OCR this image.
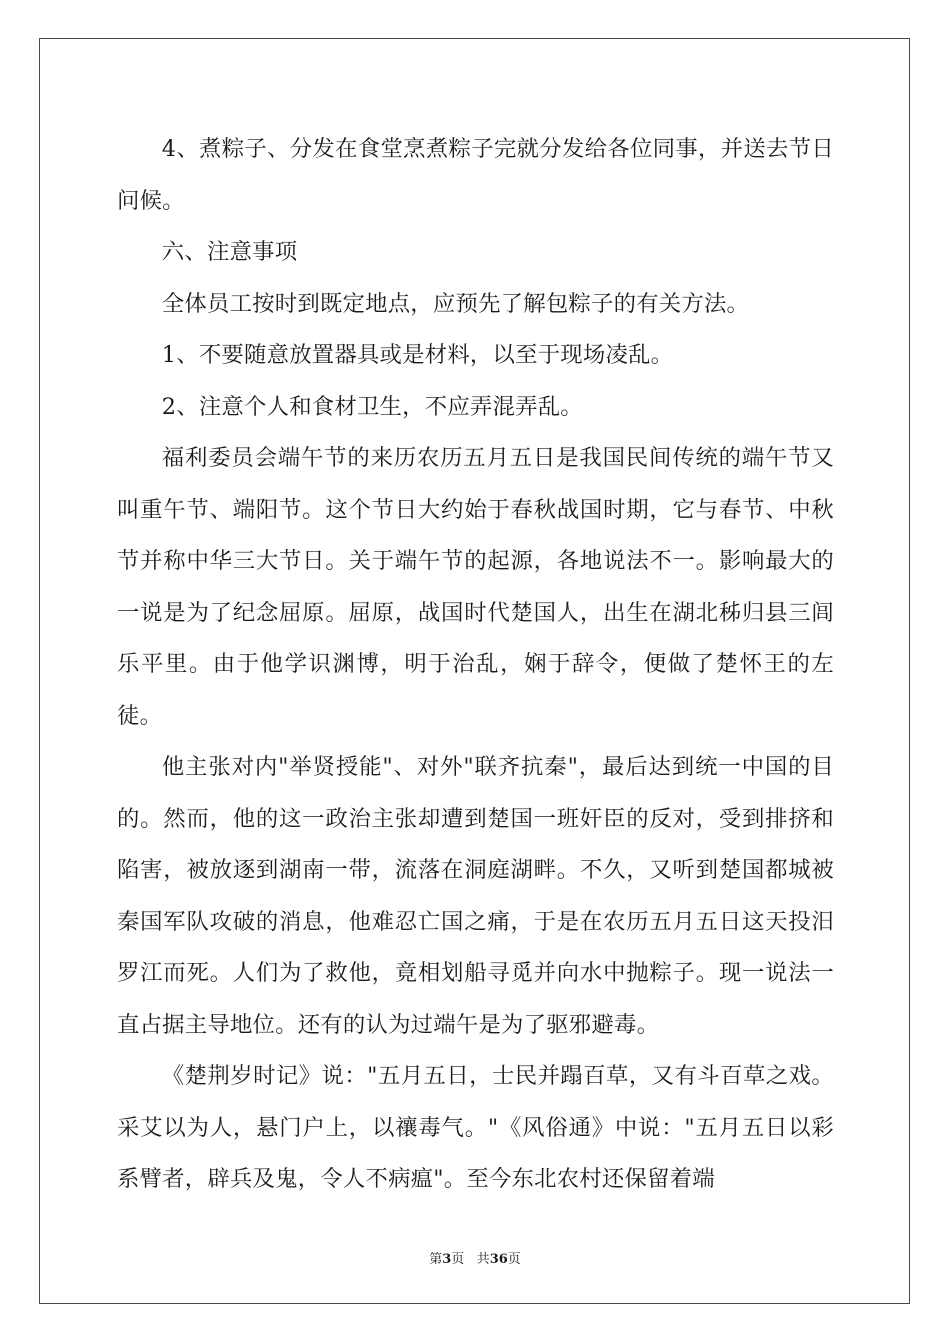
4、煮粽子、分发在食堂烹煮粽子完就分发给各位同事，并送去节日问候。

六、注意事项

全体员工按时到既定地点，应预先了解包粽子的有关方法。

1、不要随意放置器具或是材料，以至于现场凌乱。

2、注意个人和食材卫生，不应弄混弄乱。

福利委员会端午节的来历农历五月五日是我国民间传统的端午节又叫重午节、端阳节。这个节日大约始于春秋战国时期，它与春节、中秋节并称中华三大节日。关于端午节的起源，各地说法不一。影响最大的一说是为了纪念屈原。屈原，战国时代楚国人，出生在湖北秭归县三闾乐平里。由于他学识渊博，明于治乱，娴于辞令，便做了楚怀王的左徒。

他主张对内"举贤授能"、对外"联齐抗秦"，最后达到统一中国的目的。然而，他的这一政治主张却遭到楚国一班奸臣的反对，受到排挤和陷害，被放逐到湖南一带，流落在洞庭湖畔。不久，又听到楚国都城被秦国军队攻破的消息，他难忍亡国之痛，于是在农历五月五日这天投汨罗江而死。人们为了救他，竟相划船寻觅并向水中抛粽子。现一说法一直占据主导地位。还有的认为过端午是为了驱邪避毒。

《楚荆岁时记》说："五月五日，士民并蹋百草，又有斗百草之戏。采艾以为人，悬门户上，以禳毒气。"《风俗通》中说："五月五日以彩系臂者，辟兵及鬼，令人不病瘟"。至今东北农村还保留着端

第3页 共36页
